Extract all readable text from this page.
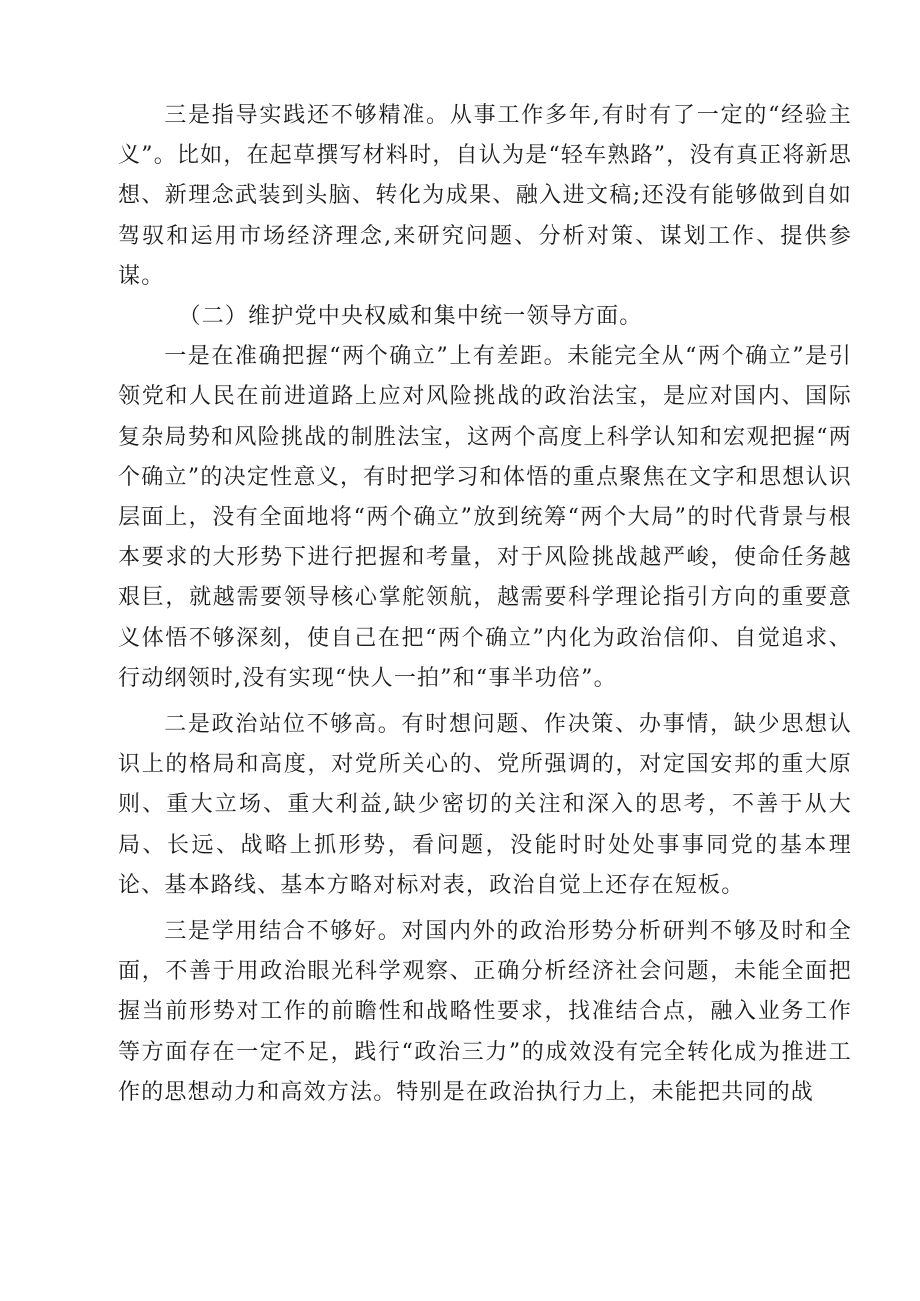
三是指导实践还不够精准。从事工作多年,有时有了一定的“经验主义”。比如，在起草撰写材料时，自认为是“轻车熟路”，没有真正将新思想、新理念武装到头脑、转化为成果、融入进文稿;还没有能够做到自如驾驭和运用市场经济理念,来研究问题、分析对策、谋划工作、提供参谋。

（二）维护党中央权威和集中统一领导方面。

一是在准确把握“两个确立”上有差距。未能完全从“两个确立”是引领党和人民在前进道路上应对风险挑战的政治法宝，是应对国内、国际复杂局势和风险挑战的制胜法宝，这两个高度上科学认知和宏观把握“两个确立”的决定性意义，有时把学习和体悟的重点聚焦在文字和思想认识层面上，没有全面地将“两个确立”放到统筹“两个大局”的时代背景与根本要求的大形势下进行把握和考量，对于风险挑战越严峻，使命任务越艰巨，就越需要领导核心掌舵领航，越需要科学理论指引方向的重要意义体悟不够深刻，使自己在把“两个确立”内化为政治信仰、自觉追求、行动纲领时,没有实现“快人一拍”和“事半功倍”。

二是政治站位不够高。有时想问题、作决策、办事情，缺少思想认识上的格局和高度，对党所关心的、党所强调的，对定国安邦的重大原则、重大立场、重大利益,缺少密切的关注和深入的思考，不善于从大局、长远、战略上抓形势，看问题，没能时时处处事事同党的基本理论、基本路线、基本方略对标对表，政治自觉上还存在短板。

三是学用结合不够好。对国内外的政治形势分析研判不够及时和全面，不善于用政治眼光科学观察、正确分析经济社会问题，未能全面把握当前形势对工作的前瞻性和战略性要求，找准结合点，融入业务工作等方面存在一定不足，践行“政治三力”的成效没有完全转化成为推进工作的思想动力和高效方法。特别是在政治执行力上，未能把共同的战
